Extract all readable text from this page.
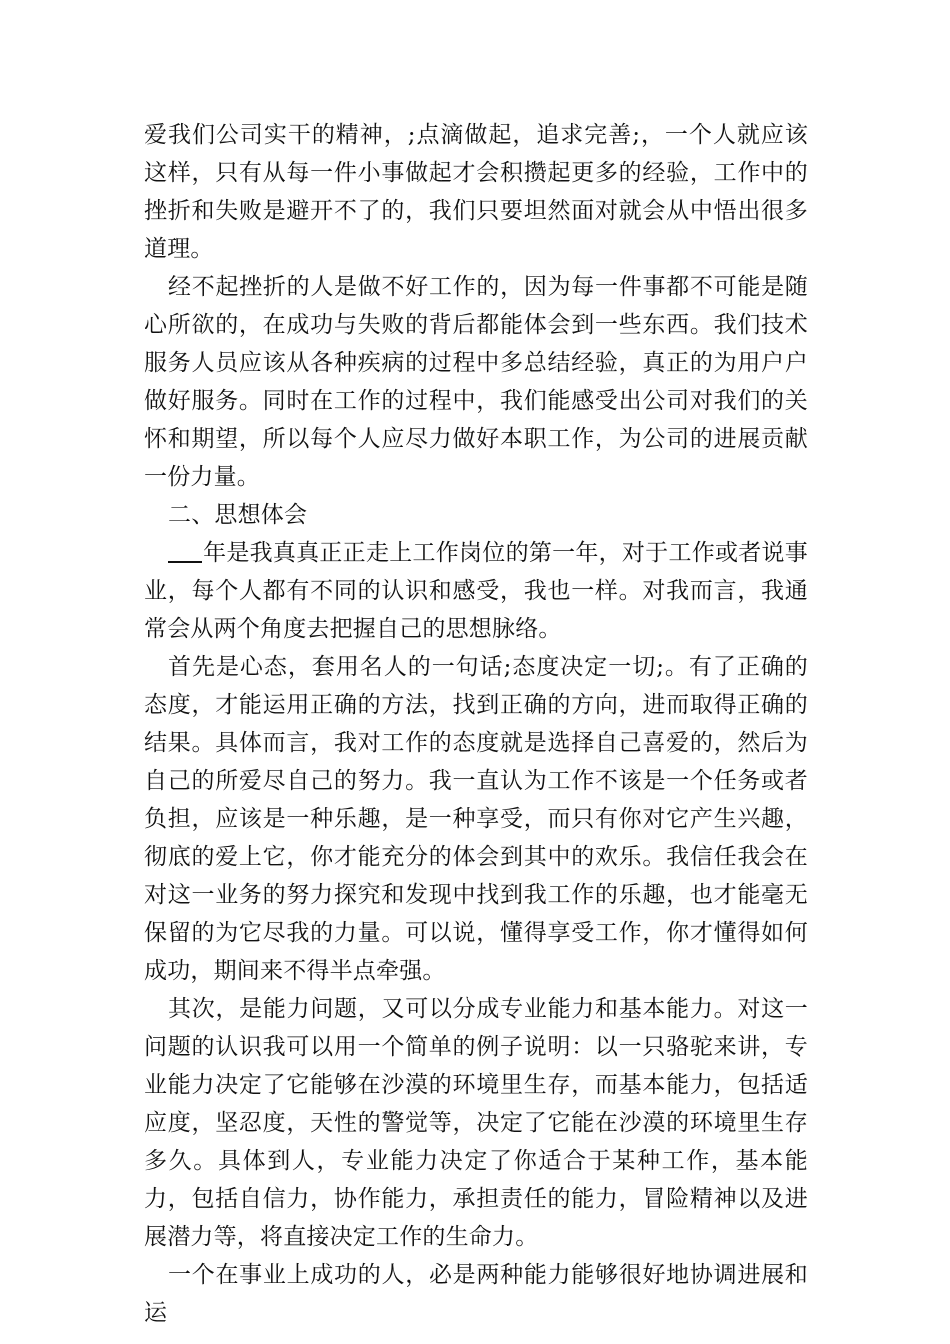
爱我们公司实干的精神，;点滴做起，追求完善;，一个人就应该这样，只有从每一件小事做起才会积攒起更多的经验，工作中的挫折和失败是避开不了的，我们只要坦然面对就会从中悟出很多道理。

经不起挫折的人是做不好工作的，因为每一件事都不可能是随心所欲的，在成功与失败的背后都能体会到一些东西。我们技术服务人员应该从各种疾病的过程中多总结经验，真正的为用户户做好服务。同时在工作的过程中，我们能感受出公司对我们的关怀和期望，所以每个人应尽力做好本职工作，为公司的进展贡献一份力量。

二、思想体会

年是我真真正正走上工作岗位的第一年，对于工作或者说事业，每个人都有不同的认识和感受，我也一样。对我而言，我通常会从两个角度去把握自己的思想脉络。

首先是心态，套用名人的一句话;态度决定一切;。有了正确的态度，才能运用正确的方法，找到正确的方向，进而取得正确的结果。具体而言，我对工作的态度就是选择自己喜爱的，然后为自己的所爱尽自己的努力。我一直认为工作不该是一个任务或者负担，应该是一种乐趣，是一种享受，而只有你对它产生兴趣，彻底的爱上它，你才能充分的体会到其中的欢乐。我信任我会在对这一业务的努力探究和发现中找到我工作的乐趣，也才能毫无保留的为它尽我的力量。可以说，懂得享受工作，你才懂得如何成功，期间来不得半点牵强。

其次，是能力问题，又可以分成专业能力和基本能力。对这一问题的认识我可以用一个简单的例子说明：以一只骆驼来讲，专业能力决定了它能够在沙漠的环境里生存，而基本能力，包括适应度，坚忍度，天性的警觉等，决定了它能在沙漠的环境里生存多久。具体到人，专业能力决定了你适合于某种工作，基本能力，包括自信力，协作能力，承担责任的能力，冒险精神以及进展潜力等，将直接决定工作的生命力。

一个在事业上成功的人，必是两种能力能够很好地协调进展和运
